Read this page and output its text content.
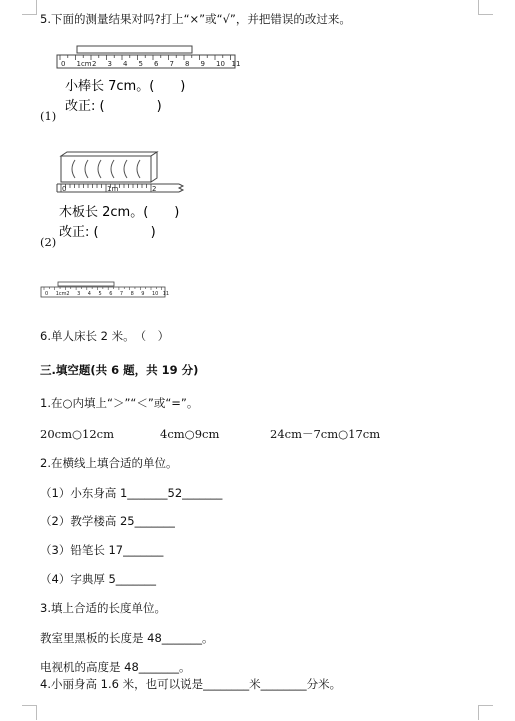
5.下面的测量结果对吗?打上“×”或“√”，并把错误的改过来。
0 1cm 2 3 4 5 6 7 8 9 10 11
小棒长 7cm。(　　)
改正: (　　　　)
(1)
0	1m	2
木板长 2cm。(　　)
改正: (　　　　)
(2)
0 1cm 2 3 4 5 6 7 8 9 10 11
6.单人床长 2 米。　（　）
三.填空题(共 6 题，共 19 分)
1.在○内填上“＞”“＜”或“=”。
20cm○12cm	4cm○9cm	24cm－7cm○17cm
2.在横线上填合适的单位。
（1）小东身高 1_______52_______
（2）教学楼高 25_______
（3）铅笔长 17_______
（4）字典厚 5_______
3.填上合适的长度单位。
教室里黑板的长度是 48_______。
电视机的高度是 48_______。
4.小丽身高 1.6 米，也可以说是________米________分米。
